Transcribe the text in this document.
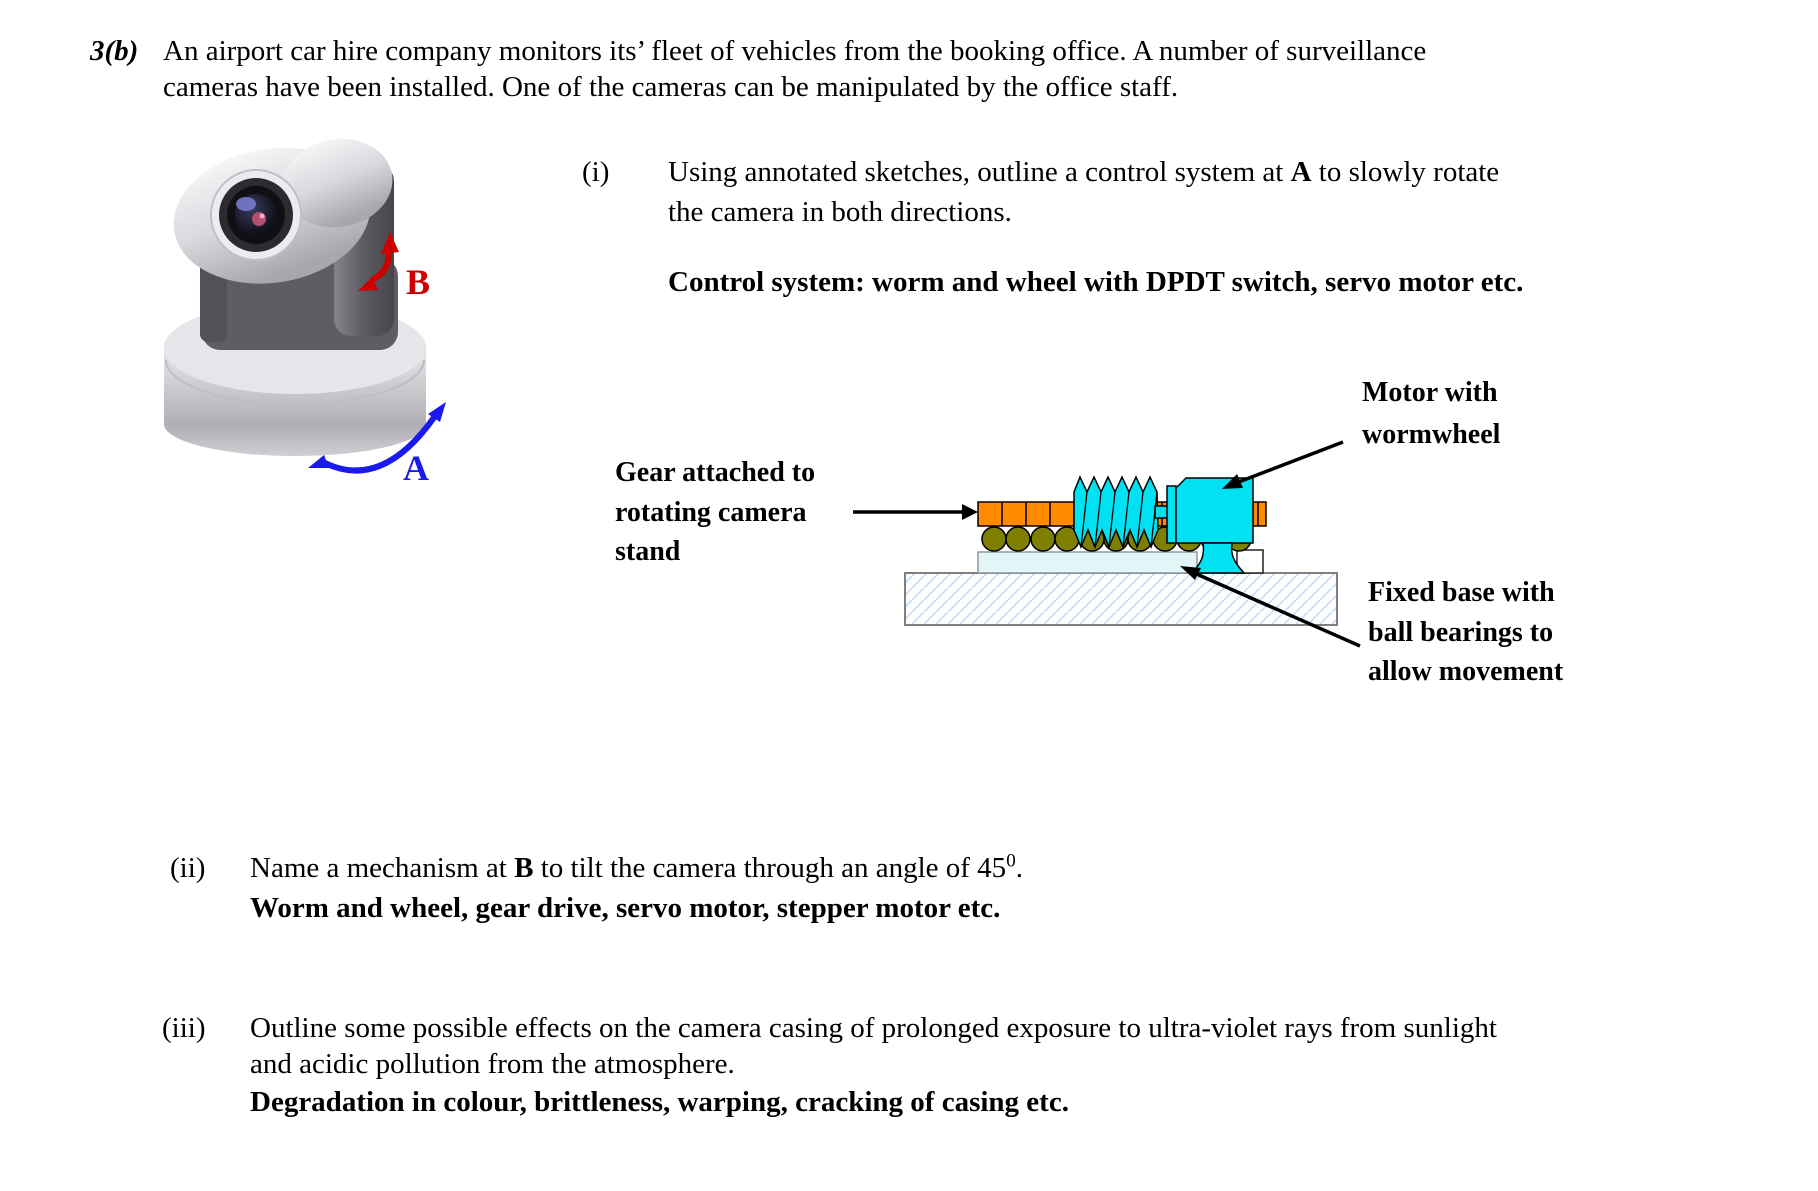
3(b) An airport car hire company monitors its’ fleet of vehicles from the booking office. A number of surveillance
cameras have been installed. One of the cameras can be manipulated by the office staff.
B
A
(i) Using annotated sketches, outline a control system at A to slowly rotate
the camera in both directions.
Control system: worm and wheel with DPDT switch, servo motor etc.
Gear attached to
rotating camera
stand
Motor with
wormwheel
Fixed base with
ball bearings to
allow movement
(ii) Name a mechanism at B to tilt the camera through an angle of $45^0$.
Worm and wheel, gear drive, servo motor, stepper motor etc.
(iii) Outline some possible effects on the camera casing of prolonged exposure to ultra-violet rays from sunlight
and acidic pollution from the atmosphere.
Degradation in colour, brittleness, warping, cracking of casing etc.
